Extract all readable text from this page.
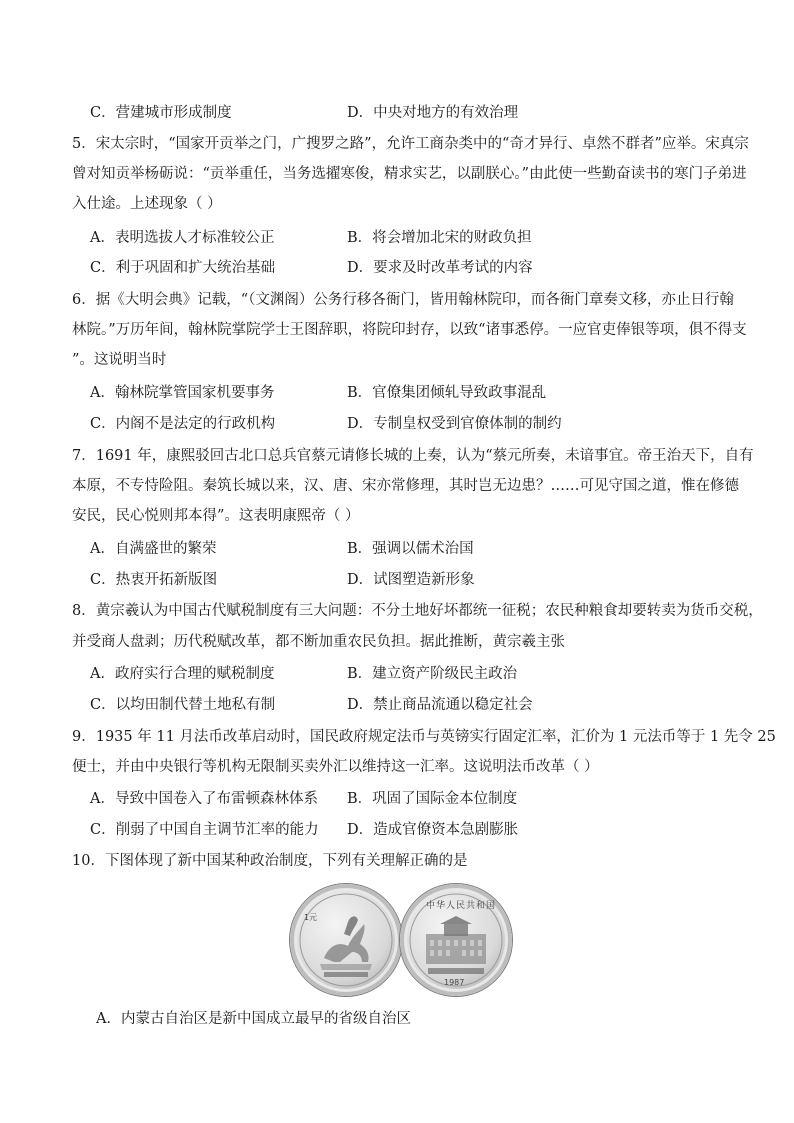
C．营建城市形成制度	D．中央对地方的有效治理
5．宋太宗时，“国家开贡举之门，广搜罗之路”，允许工商杂类中的“奇才异行、卓然不群者”应举。宋真宗
曾对知贡举杨砺说：“贡举重任，当务选擢寒俊，精求实艺，以副朕心。”由此使一些勤奋读书的寒门子弟进
入仕途。上述现象（ ）
A．表明选拔人才标准较公正	B．将会增加北宋的财政负担
C．利于巩固和扩大统治基础	D．要求及时改革考试的内容
6．据《大明会典》记载，“（文渊阁）公务行移各衙门，皆用翰林院印，而各衙门章奏文移，亦止日行翰
林院。”万历年间，翰林院掌院学士王图辞职，将院印封存，以致“诸事悉停。一应官吏俸银等项，俱不得支
”。这说明当时
A．翰林院掌管国家机要事务	B．官僚集团倾轧导致政事混乱
C．内阁不是法定的行政机构	D．专制皇权受到官僚体制的制约
7．1691 年，康熙驳回古北口总兵官蔡元请修长城的上奏，认为“蔡元所奏，未谙事宜。帝王治天下，自有
本原，不专恃险阻。秦筑长城以来，汉、唐、宋亦常修理，其时岂无边患？……可见守国之道，惟在修德
安民，民心悦则邦本得”。这表明康熙帝（ ）
A．自满盛世的繁荣	B．强调以儒术治国
C．热衷开拓新版图	D．试图塑造新形象
8．黄宗羲认为中国古代赋税制度有三大问题：不分土地好坏都统一征税；农民种粮食却要转卖为货币交税，
并受商人盘剥；历代税赋改革，都不断加重农民负担。据此推断，黄宗羲主张
A．政府实行合理的赋税制度	B．建立资产阶级民主政治
C．以均田制代替土地私有制	D．禁止商品流通以稳定社会
9．1935 年 11 月法币改革启动时，国民政府规定法币与英镑实行固定汇率，汇价为 1 元法币等于 1 先令 25
便士，并由中央银行等机构无限制买卖外汇以维持这一汇率。这说明法币改革（ ）
A．导致中国卷入了布雷顿森林体系 B．巩固了国际金本位制度
C．削弱了中国自主调节汇率的能力 D．造成官僚资本急剧膨胀
10．下图体现了新中国某种政治制度，下列有关理解正确的是
1元
中华人民共和国
1987
A．内蒙古自治区是新中国成立最早的省级自治区
